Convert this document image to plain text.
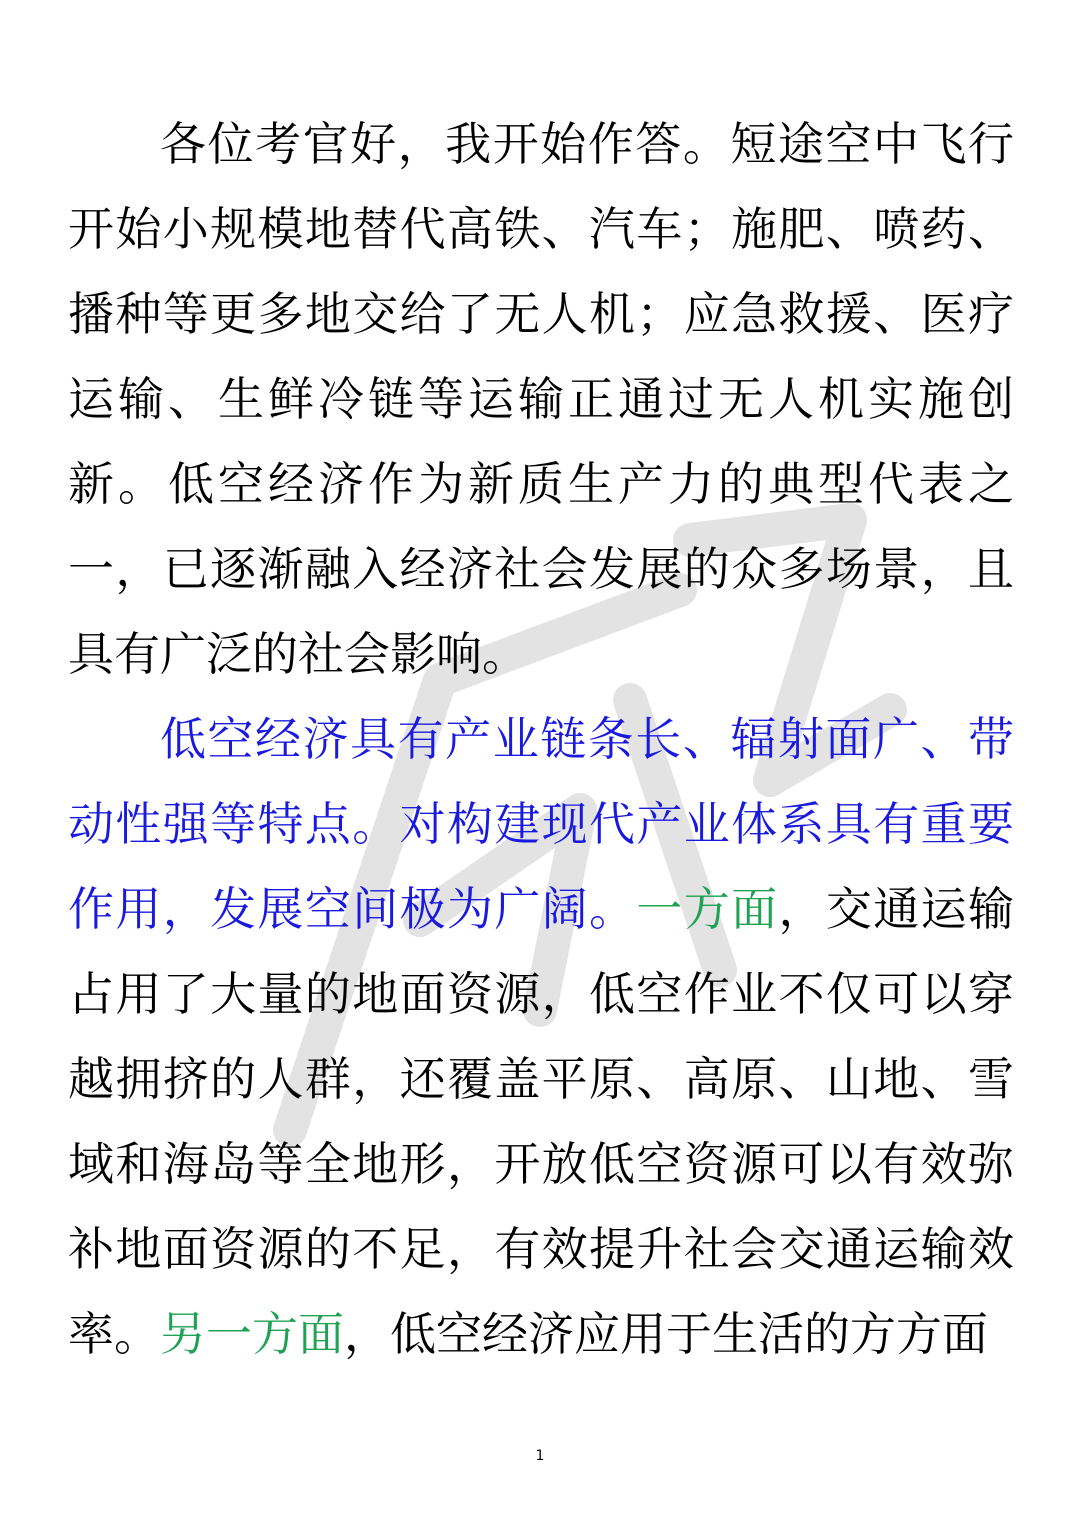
各位考官好，我开始作答。短途空中飞行开始小规模地替代高铁、汽车；施肥、喷药、播种等更多地交给了无人机；应急救援、医疗运输、生鲜冷链等运输正通过无人机实施创新。低空经济作为新质生产力的典型代表之一，已逐渐融入经济社会发展的众多场景，且具有广泛的社会影响。

低空经济具有产业链条长、辐射面广、带动性强等特点。对构建现代产业体系具有重要作用，发展空间极为广阔。一方面，交通运输占用了大量的地面资源，低空作业不仅可以穿越拥挤的人群，还覆盖平原、高原、山地、雪域和海岛等全地形，开放低空资源可以有效弥补地面资源的不足，有效提升社会交通运输效率。另一方面，低空经济应用于生活的方方面

1
